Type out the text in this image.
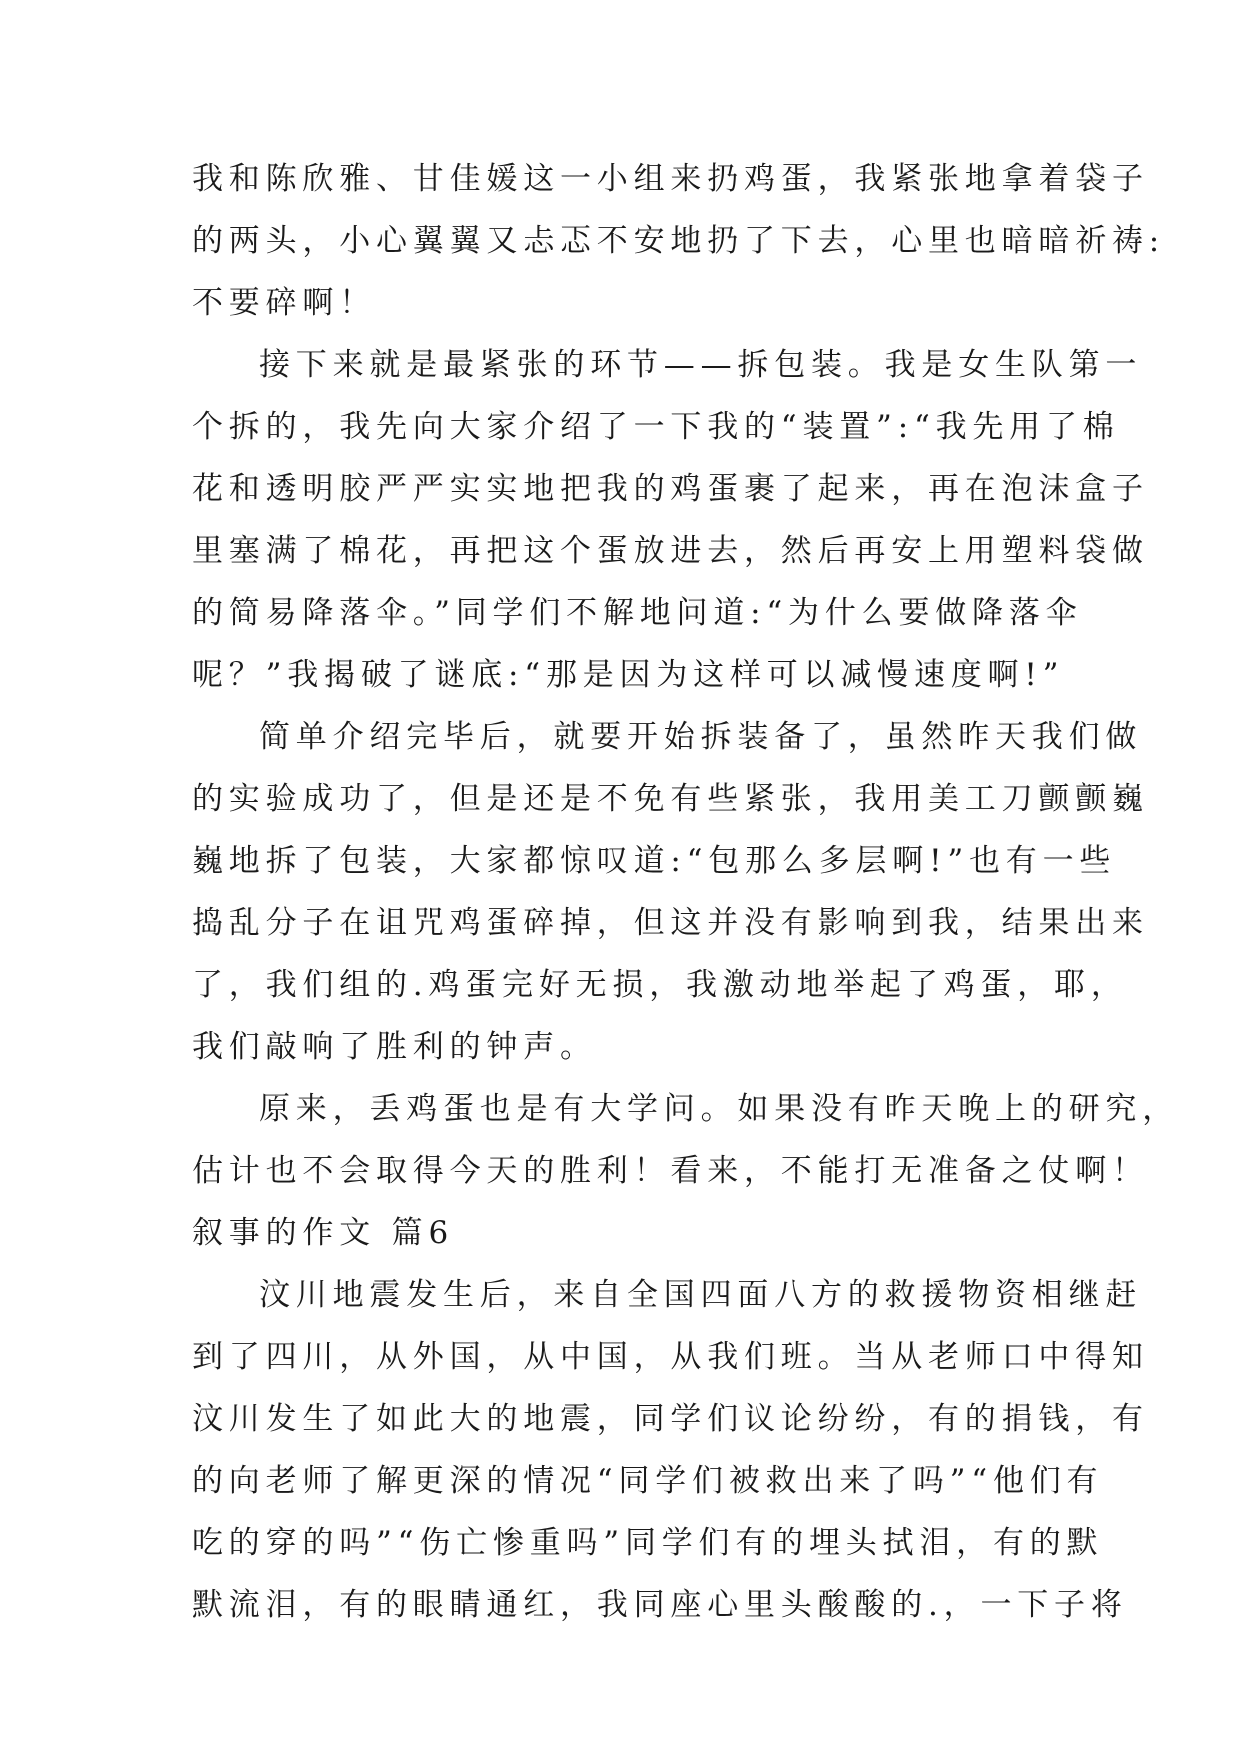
我和陈欣雅、甘佳媛这一小组来扔鸡蛋，我紧张地拿着袋子
的两头，小心翼翼又忐忑不安地扔了下去，心里也暗暗祈祷:
不要碎啊！
接下来就是最紧张的环节——拆包装。我是女生队第一
个拆的，我先向大家介绍了一下我的“装置”:“我先用了棉
花和透明胶严严实实地把我的鸡蛋裹了起来，再在泡沫盒子
里塞满了棉花，再把这个蛋放进去，然后再安上用塑料袋做
的简易降落伞。”同学们不解地问道:“为什么要做降落伞
呢？”我揭破了谜底:“那是因为这样可以减慢速度啊!”
简单介绍完毕后，就要开始拆装备了，虽然昨天我们做
的实验成功了，但是还是不免有些紧张，我用美工刀颤颤巍
巍地拆了包装，大家都惊叹道:“包那么多层啊!”也有一些
捣乱分子在诅咒鸡蛋碎掉，但这并没有影响到我，结果出来
了，我们组的.鸡蛋完好无损，我激动地举起了鸡蛋，耶，
我们敲响了胜利的钟声。
原来，丢鸡蛋也是有大学问。如果没有昨天晚上的研究，
估计也不会取得今天的胜利！看来，不能打无准备之仗啊！
叙事的作文 篇6
汶川地震发生后，来自全国四面八方的救援物资相继赶
到了四川，从外国，从中国，从我们班。当从老师口中得知
汶川发生了如此大的地震，同学们议论纷纷，有的捐钱，有
的向老师了解更深的情况“同学们被救出来了吗”“他们有
吃的穿的吗”“伤亡惨重吗”同学们有的埋头拭泪，有的默
默流泪，有的眼睛通红，我同座心里头酸酸的.，一下子将
